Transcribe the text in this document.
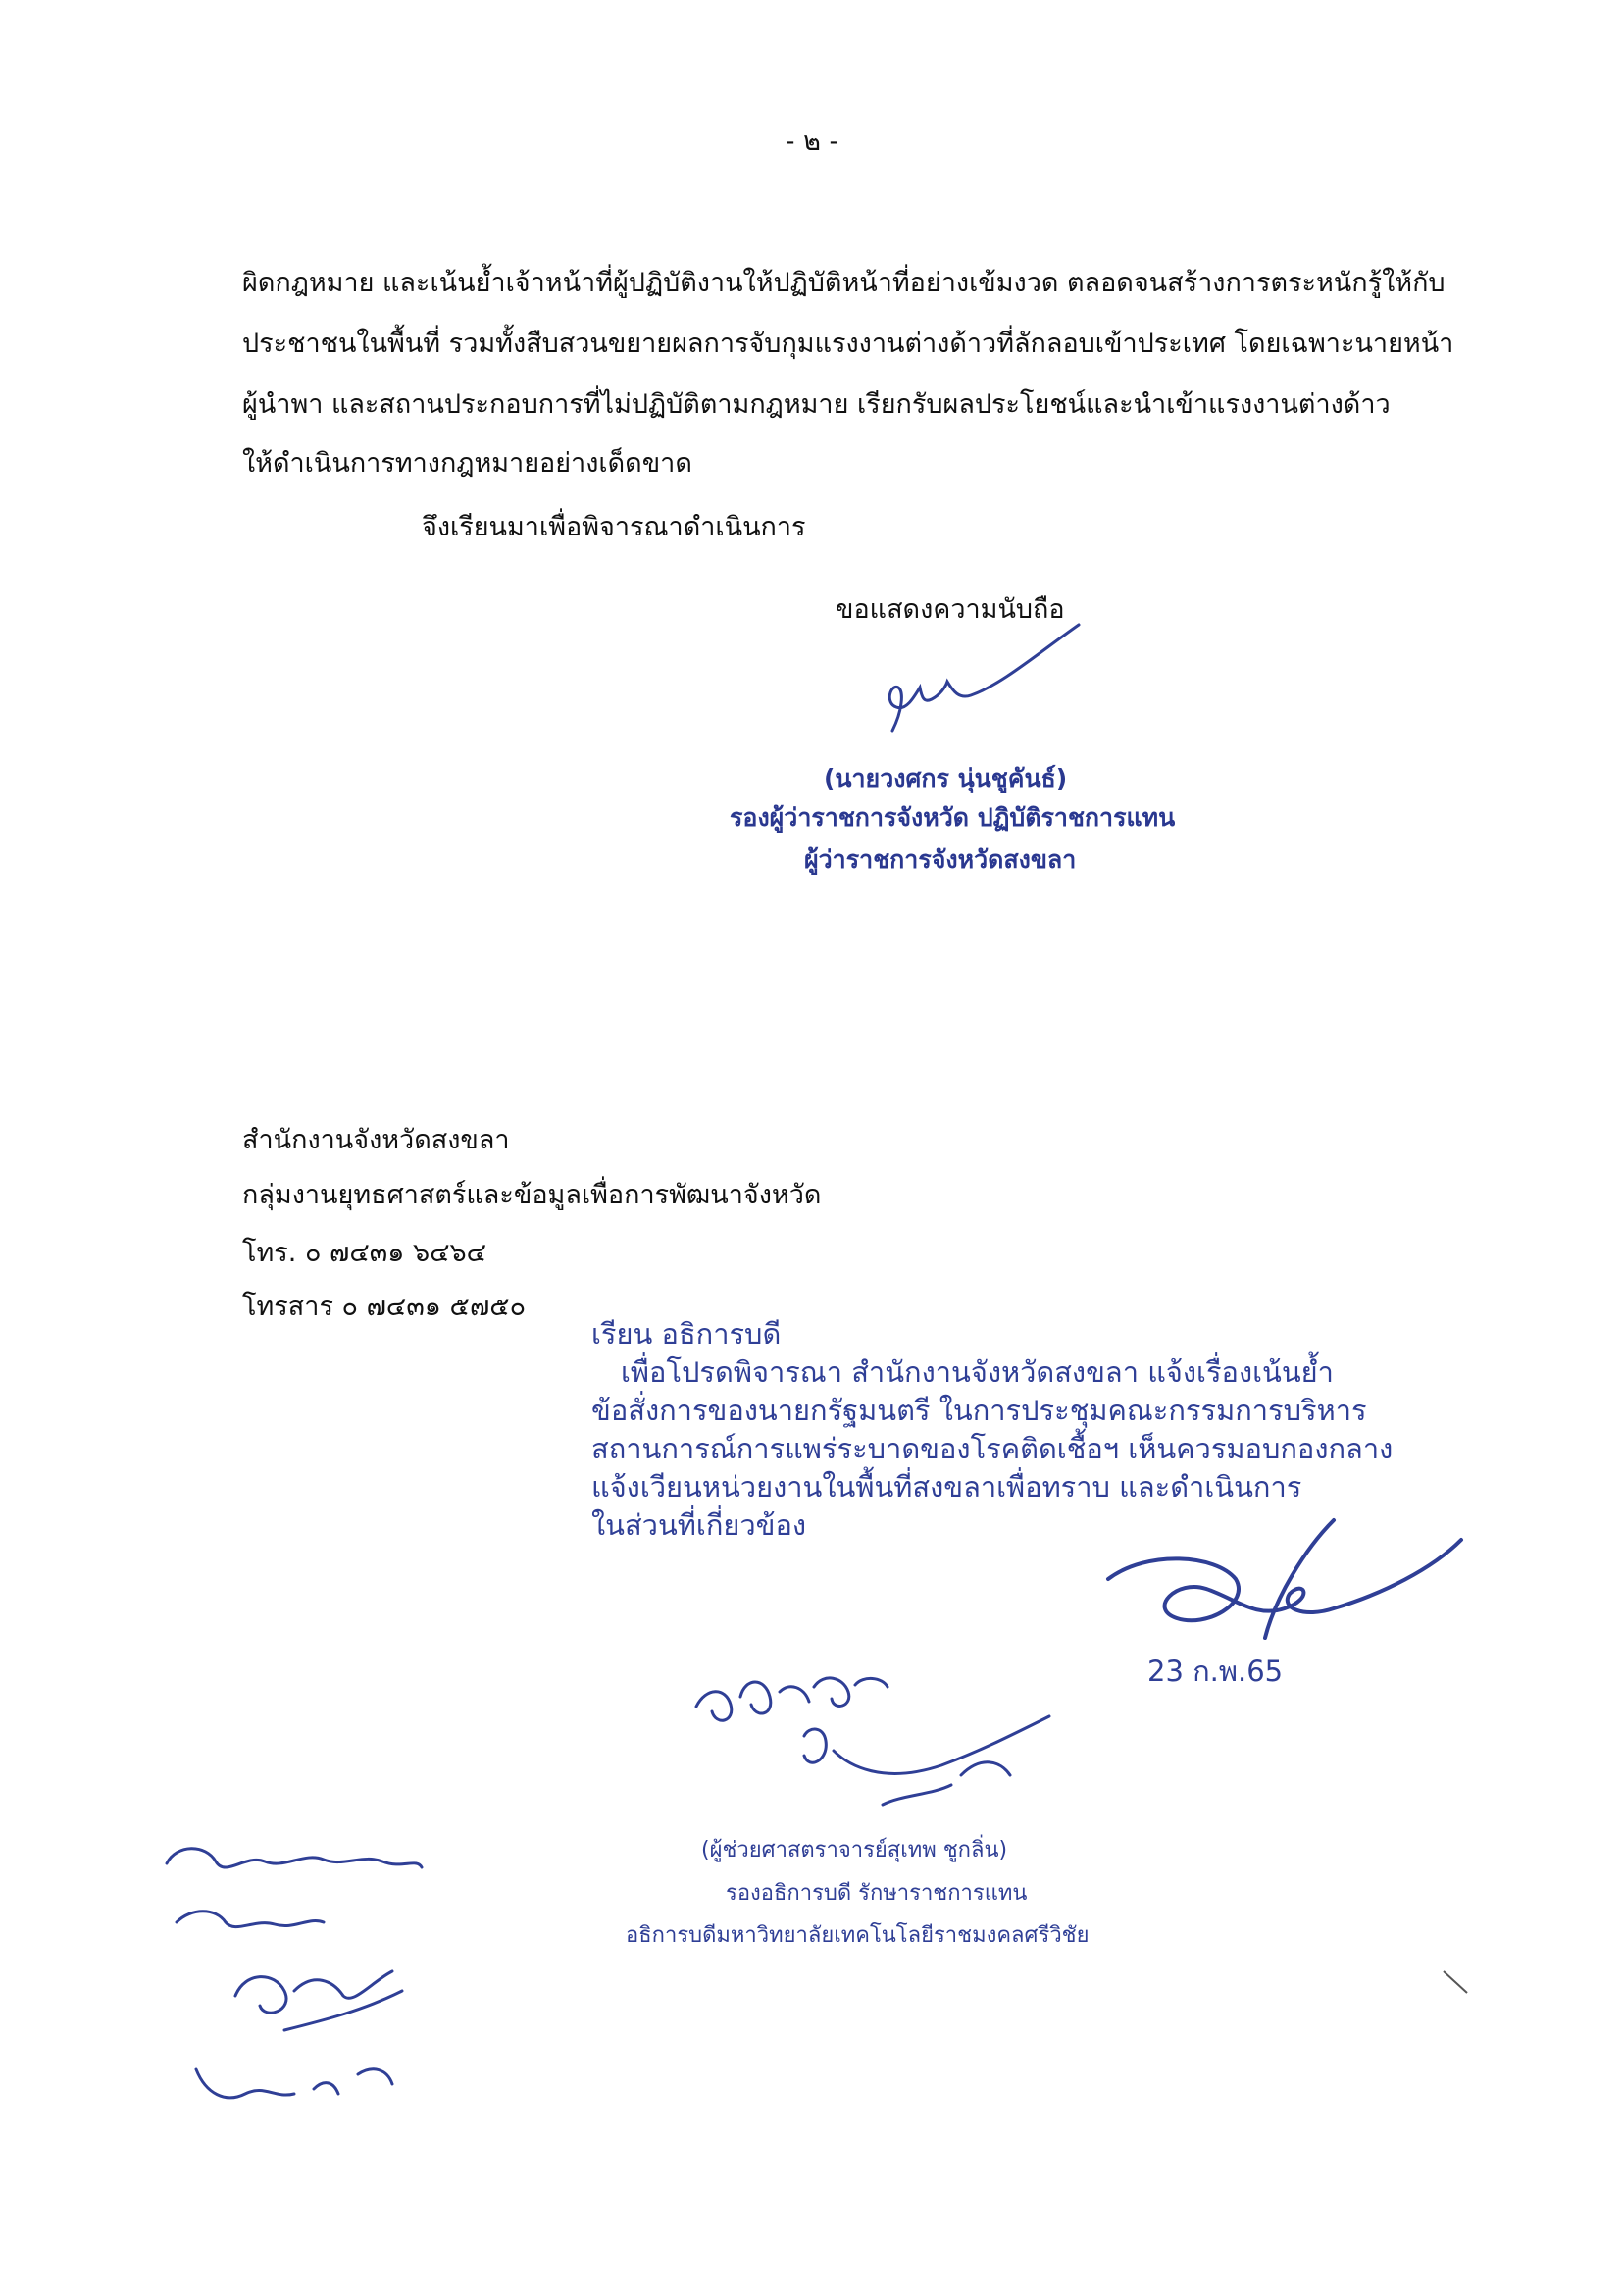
- ๒ -
ผิดกฎหมาย และเน้นย้ำเจ้าหน้าที่ผู้ปฏิบัติงานให้ปฏิบัติหน้าที่อย่างเข้มงวด ตลอดจนสร้างการตระหนักรู้ให้กับ
ประชาชนในพื้นที่ รวมทั้งสืบสวนขยายผลการจับกุมแรงงานต่างด้าวที่ลักลอบเข้าประเทศ โดยเฉพาะนายหน้า
ผู้นำพา และสถานประกอบการที่ไม่ปฏิบัติตามกฎหมาย เรียกรับผลประโยชน์และนำเข้าแรงงานต่างด้าว
ให้ดำเนินการทางกฎหมายอย่างเด็ดขาด
จึงเรียนมาเพื่อพิจารณาดำเนินการ
ขอแสดงความนับถือ
(นายวงศกร นุ่นชูคันธ์)
รองผู้ว่าราชการจังหวัด ปฏิบัติราชการแทน
ผู้ว่าราชการจังหวัดสงขลา
สำนักงานจังหวัดสงขลา
กลุ่มงานยุทธศาสตร์และข้อมูลเพื่อการพัฒนาจังหวัด
โทร. ๐ ๗๔๓๑ ๖๔๖๔
โทรสาร ๐ ๗๔๓๑ ๕๗๕๐
เรียน อธิการบดี
เพื่อโปรดพิจารณา สำนักงานจังหวัดสงขลา แจ้งเรื่องเน้นย้ำ
ข้อสั่งการของนายกรัฐมนตรี ในการประชุมคณะกรรมการบริหาร
สถานการณ์การแพร่ระบาดของโรคติดเชื้อฯ เห็นควรมอบกองกลาง
แจ้งเวียนหน่วยงานในพื้นที่สงขลาเพื่อทราบ และดำเนินการ
ในส่วนที่เกี่ยวข้อง
23 ก.พ.65
(ผู้ช่วยศาสตราจารย์สุเทพ ชูกลิ่น)
รองอธิการบดี รักษาราชการแทน
อธิการบดีมหาวิทยาลัยเทคโนโลยีราชมงคลศรีวิชัย
